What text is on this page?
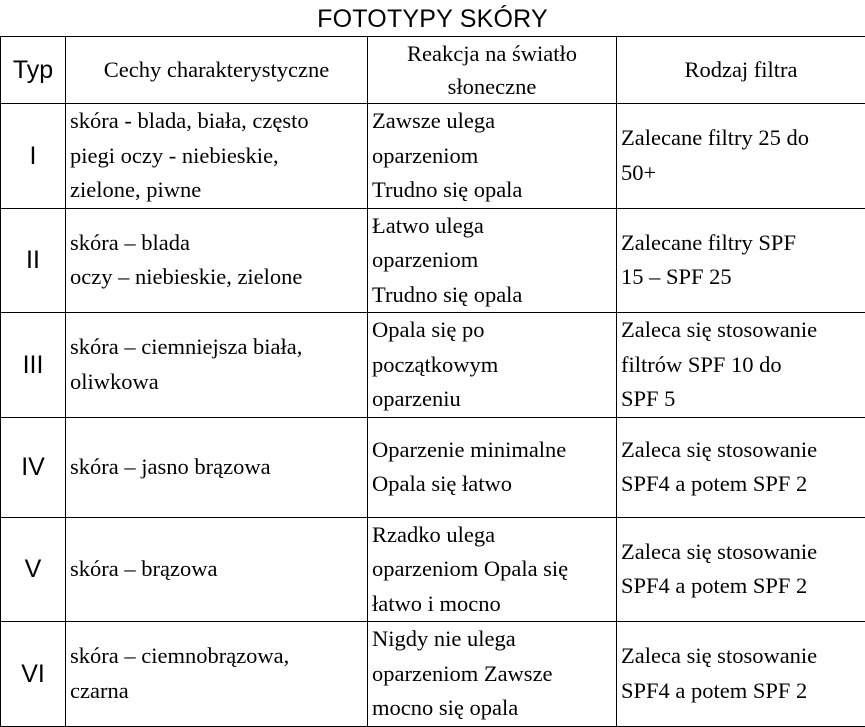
FOTOTYPY SKÓRY
Typ	Cechy charakterystyczne	Reakcja na światło
słoneczne	Rodzaj filtra
I	skóra - blada, biała, często
piegi oczy - niebieskie,
zielone, piwne	Zawsze ulega
oparzeniom
Trudno się opala	Zalecane filtry 25 do
50+

II	skóra – blada
oczy – niebieskie, zielone	Łatwo ulega
oparzeniom
Trudno się opala	Zalecane filtry SPF
15 – SPF 25

III	skóra – ciemniejsza biała,
oliwkowa	Opala się po
początkowym
oparzeniu	Zaleca się stosowanie
filtrów SPF 10 do
SPF 5

IV	skóra – jasno brązowa	Oparzenie minimalne
Opala się łatwo	Zaleca się stosowanie
SPF4 a potem SPF 2

V	skóra – brązowa	Rzadko ulega
oparzeniom Opala się
łatwo i mocno	Zaleca się stosowanie
SPF4 a potem SPF 2

VI	skóra – ciemnobrązowa,
czarna	Nigdy nie ulega
oparzeniom Zawsze
mocno się opala	Zaleca się stosowanie
SPF4 a potem SPF 2
